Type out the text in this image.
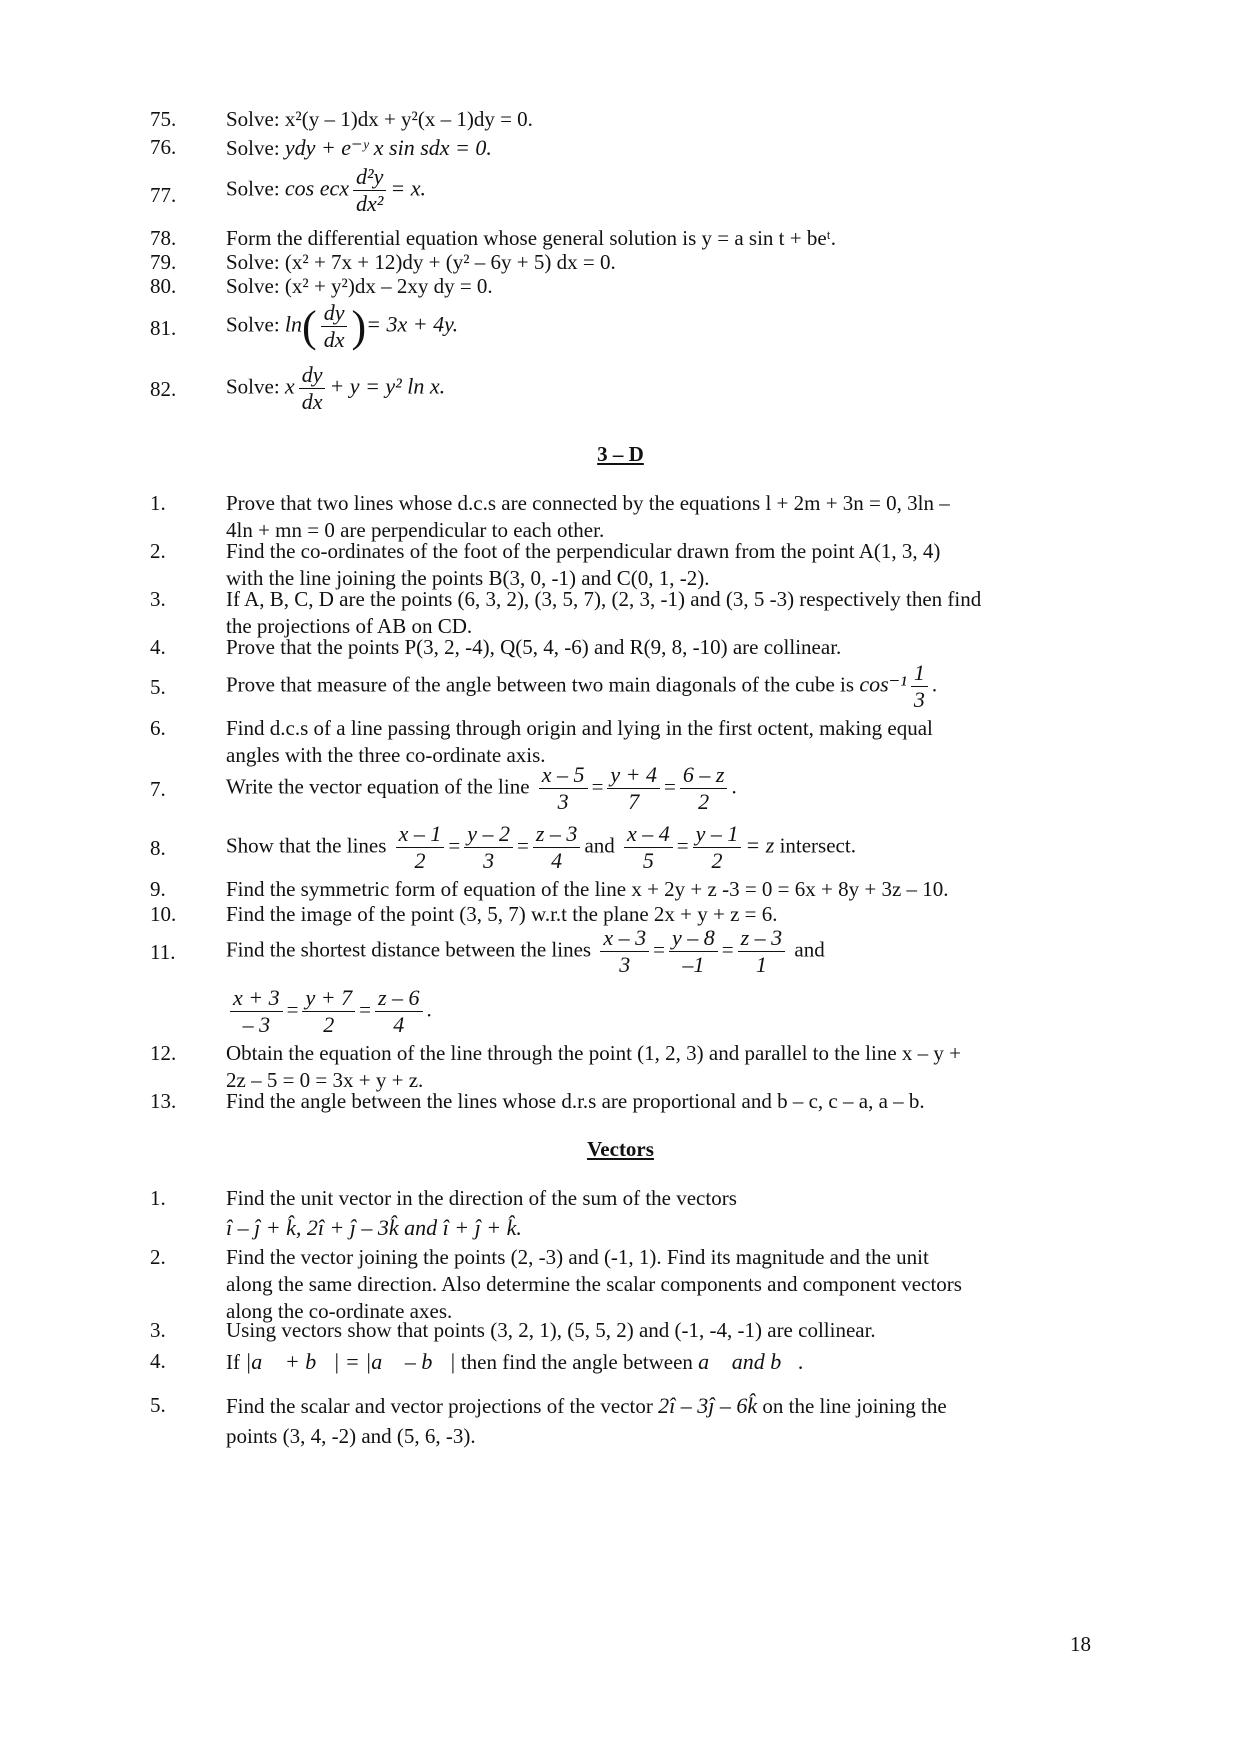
75.	Solve: x²(y – 1)dx + y²(x – 1)dy = 0.
76.	Solve: ydy + e⁻ʸ x sin sdx = 0.
77.	Solve: cos ecx $\frac{\text{d²y}}{\text{dx²}} = x$.
78.	Form the differential equation whose general solution is y = a sin t + beᵗ.
79.	Solve: (x² + 7x + 12)dy + (y² – 6y + 5) dx = 0.
80.	Solve: (x² + y²)dx – 2xy dy = 0.
81.	Solve: $\ln( \frac{dy}{dx}$ )= 3x + 4y.
82.	Solve: x $\frac{dy}{dx} + y = y^2$ ln x.
3 – D
1.	Prove that two lines whose d.c.s are connected by the equations l + 2m + 3n = 0, 3ln –
4ln + mn = 0 are perpendicular to each other.
2.	Find the co-ordinates of the foot of the perpendicular drawn from the point A(1, 3, 4)
with the line joining the points B(3, 0, -1) and C(0, 1, -2).
3.	If A, B, C, D are the points (6, 3, 2), (3, 5, 7), (2, 3, -1) and (3, 5 -3) respectively then find
the projections of AB on CD.
4.	Prove that the points P(3, 2, -4), Q(5, 4, -6) and R(9, 8, -10) are collinear.
5.	Prove that measure of the angle between two main diagonals of the cube is $\cos^{-1} \frac{1}{3}$ .
6.	Find d.c.s of a line passing through origin and lying in the first octent, making equal
angles with the three co-ordinate axis.
7.	Write the vector equation of the line $\frac{x - 5}{3} = \frac{y + 4}{7} = \frac{6 - z}{2}$ .
8.	Show that the lines $\frac{x - 1}{2} = \frac{y - 2}{3} = \frac{z - 3}{4}$ and $\frac{x - 4}{5} = \frac{y - 1}{2} = z$ intersect.
9.	Find the symmetric form of equation of the line x + 2y + z -3 = 0 = 6x + 8y + 3z – 10.
10.	Find the image of the point (3, 5, 7) w.r.t the plane 2x + y + z = 6.
11.	Find the shortest distance between the lines $\frac{x - 3}{3} = \frac{y - 8}{-1} = \frac{z - 3}{1}$ and
$\frac{x + 3}{- 3} = \frac{y + 7}{2} = \frac{z - 6}{4}$ .
12.	Obtain the equation of the line through the point (1, 2, 3) and parallel to the line x – y +
2z – 5 = 0 = 3x + y + z.
13.	Find the angle between the lines whose d.r.s are proportional and b – c, c – a, a – b.
Vectors
1.	Find the unit vector in the direction of the sum of the vectors
î – ĵ + k̂, 2î + ĵ – 3k̂ and î + ĵ + k̂.
2.	Find the vector joining the points (2, -3) and (-1, 1). Find its magnitude and the unit
along the same direction. Also determine the scalar components and component vectors
along the co-ordinate axes.
3.	Using vectors show that points (3, 2, 1), (5, 5, 2) and (-1, -4, -1) are collinear.
4.	If |a⃗ + b⃗| = |a⃗ – b⃗| then find the angle between a⃗ and b⃗.
5.	Find the scalar and vector projections of the vector 2î – 3ĵ – 6k̂ on the line joining the
points (3, 4, -2) and (5, 6, -3).
18
